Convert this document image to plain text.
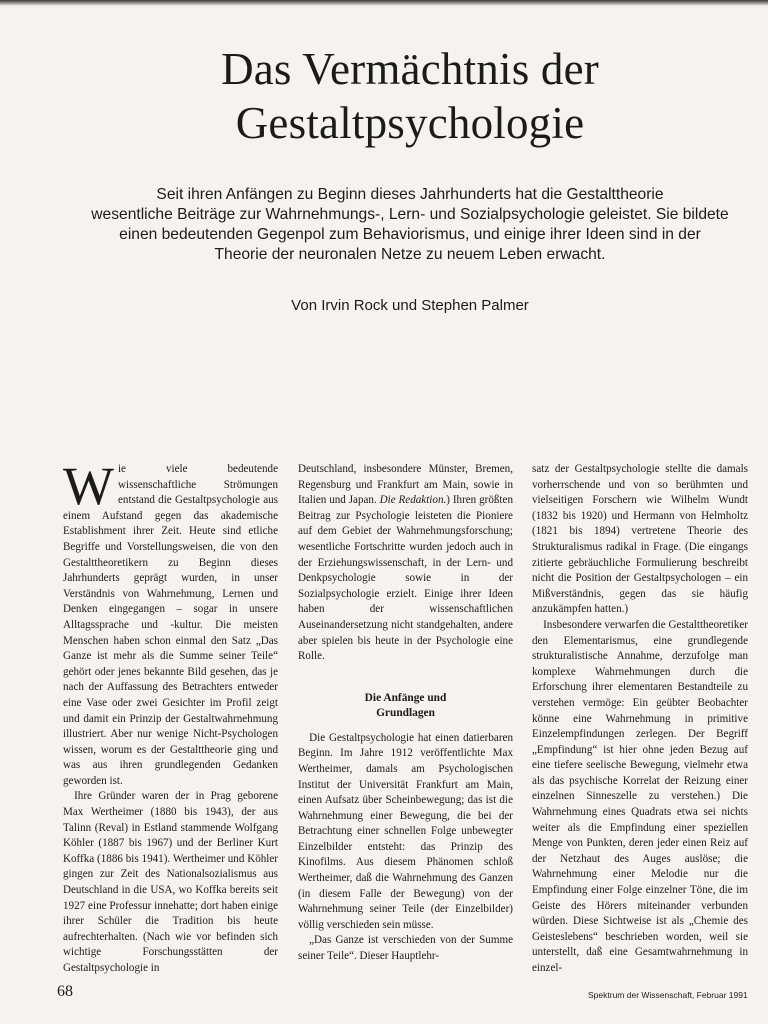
Das Vermächtnis der
Gestaltpsychologie

Seit ihren Anfängen zu Beginn dieses Jahrhunderts hat die Gestalttheorie
wesentliche Beiträge zur Wahrnehmungs-, Lern- und Sozialpsychologie geleistet. Sie bildete
einen bedeutenden Gegenpol zum Behaviorismus, und einige ihrer Ideen sind in der
Theorie der neuronalen Netze zu neuem Leben erwacht.

Von Irvin Rock und Stephen Palmer

Wie viele bedeutende wissenschaftliche Strömungen entstand die Gestaltpsychologie aus einem Aufstand gegen das akademische Establishment ihrer Zeit. Heute sind etliche Begriffe und Vorstellungsweisen, die von den Gestalttheoretikern zu Beginn dieses Jahrhunderts geprägt wurden, in unser Verständnis von Wahrnehmung, Lernen und Denken eingegangen – sogar in unsere Alltagssprache und -kultur. Die meisten Menschen haben schon einmal den Satz „Das Ganze ist mehr als die Summe seiner Teile“ gehört oder jenes bekannte Bild gesehen, das je nach der Auffassung des Betrachters entweder eine Vase oder zwei Gesichter im Profil zeigt und damit ein Prinzip der Gestaltwahrnehmung illustriert. Aber nur wenige Nicht-Psychologen wissen, worum es der Gestalttheorie ging und was aus ihren grundlegenden Gedanken geworden ist.

Ihre Gründer waren der in Prag geborene Max Wertheimer (1880 bis 1943), der aus Talinn (Reval) in Estland stammende Wolfgang Köhler (1887 bis 1967) und der Berliner Kurt Koffka (1886 bis 1941). Wertheimer und Köhler gingen zur Zeit des Nationalsozialismus aus Deutschland in die USA, wo Koffka bereits seit 1927 eine Professur innehatte; dort haben einige ihrer Schüler die Tradition bis heute aufrechterhalten. (Nach wie vor befinden sich wichtige Forschungsstätten der Gestaltpsychologie in

Deutschland, insbesondere Münster, Bremen, Regensburg und Frankfurt am Main, sowie in Italien und Japan. Die Redaktion.) Ihren größten Beitrag zur Psychologie leisteten die Pioniere auf dem Gebiet der Wahrnehmungsforschung; wesentliche Fortschritte wurden jedoch auch in der Erziehungswissenschaft, in der Lern- und Denkpsychologie sowie in der Sozialpsychologie erzielt. Einige ihrer Ideen haben der wissenschaftlichen Auseinandersetzung nicht standgehalten, andere aber spielen bis heute in der Psychologie eine Rolle.

Die Anfänge und
Grundlagen

Die Gestaltpsychologie hat einen datierbaren Beginn. Im Jahre 1912 veröffentlichte Max Wertheimer, damals am Psychologischen Institut der Universität Frankfurt am Main, einen Aufsatz über Scheinbewegung; das ist die Wahrnehmung einer Bewegung, die bei der Betrachtung einer schnellen Folge unbewegter Einzelbilder entsteht: das Prinzip des Kinofilms. Aus diesem Phänomen schloß Wertheimer, daß die Wahrnehmung des Ganzen (in diesem Falle der Bewegung) von der Wahrnehmung seiner Teile (der Einzelbilder) völlig verschieden sein müsse.

„Das Ganze ist verschieden von der Summe seiner Teile“. Dieser Hauptlehr-

satz der Gestaltpsychologie stellte die damals vorherrschende und von so berühmten und vielseitigen Forschern wie Wilhelm Wundt (1832 bis 1920) und Hermann von Helmholtz (1821 bis 1894) vertretene Theorie des Strukturalismus radikal in Frage. (Die eingangs zitierte gebräuchliche Formulierung beschreibt nicht die Position der Gestaltpsychologen – ein Mißverständnis, gegen das sie häufig anzukämpfen hatten.)

Insbesondere verwarfen die Gestalttheoretiker den Elementarismus, eine grundlegende strukturalistische Annahme, derzufolge man komplexe Wahrnehmungen durch die Erforschung ihrer elementaren Bestandteile zu verstehen vermöge: Ein geübter Beobachter könne eine Wahrnehmung in primitive Einzelempfindungen zerlegen. Der Begriff „Empfindung“ ist hier ohne jeden Bezug auf eine tiefere seelische Bewegung, vielmehr etwa als das psychische Korrelat der Reizung einer einzelnen Sinneszelle zu verstehen.) Die Wahrnehmung eines Quadrats etwa sei nichts weiter als die Empfindung einer speziellen Menge von Punkten, deren jeder einen Reiz auf der Netzhaut des Auges auslöse; die Wahrnehmung einer Melodie nur die Empfindung einer Folge einzelner Töne, die im Geiste des Hörers miteinander verbunden würden. Diese Sichtweise ist als „Chemie des Geisteslebens“ beschrieben worden, weil sie unterstellt, daß eine Gesamtwahrnehmung in einzel-

68	Spektrum der Wissenschaft, Februar 1991
